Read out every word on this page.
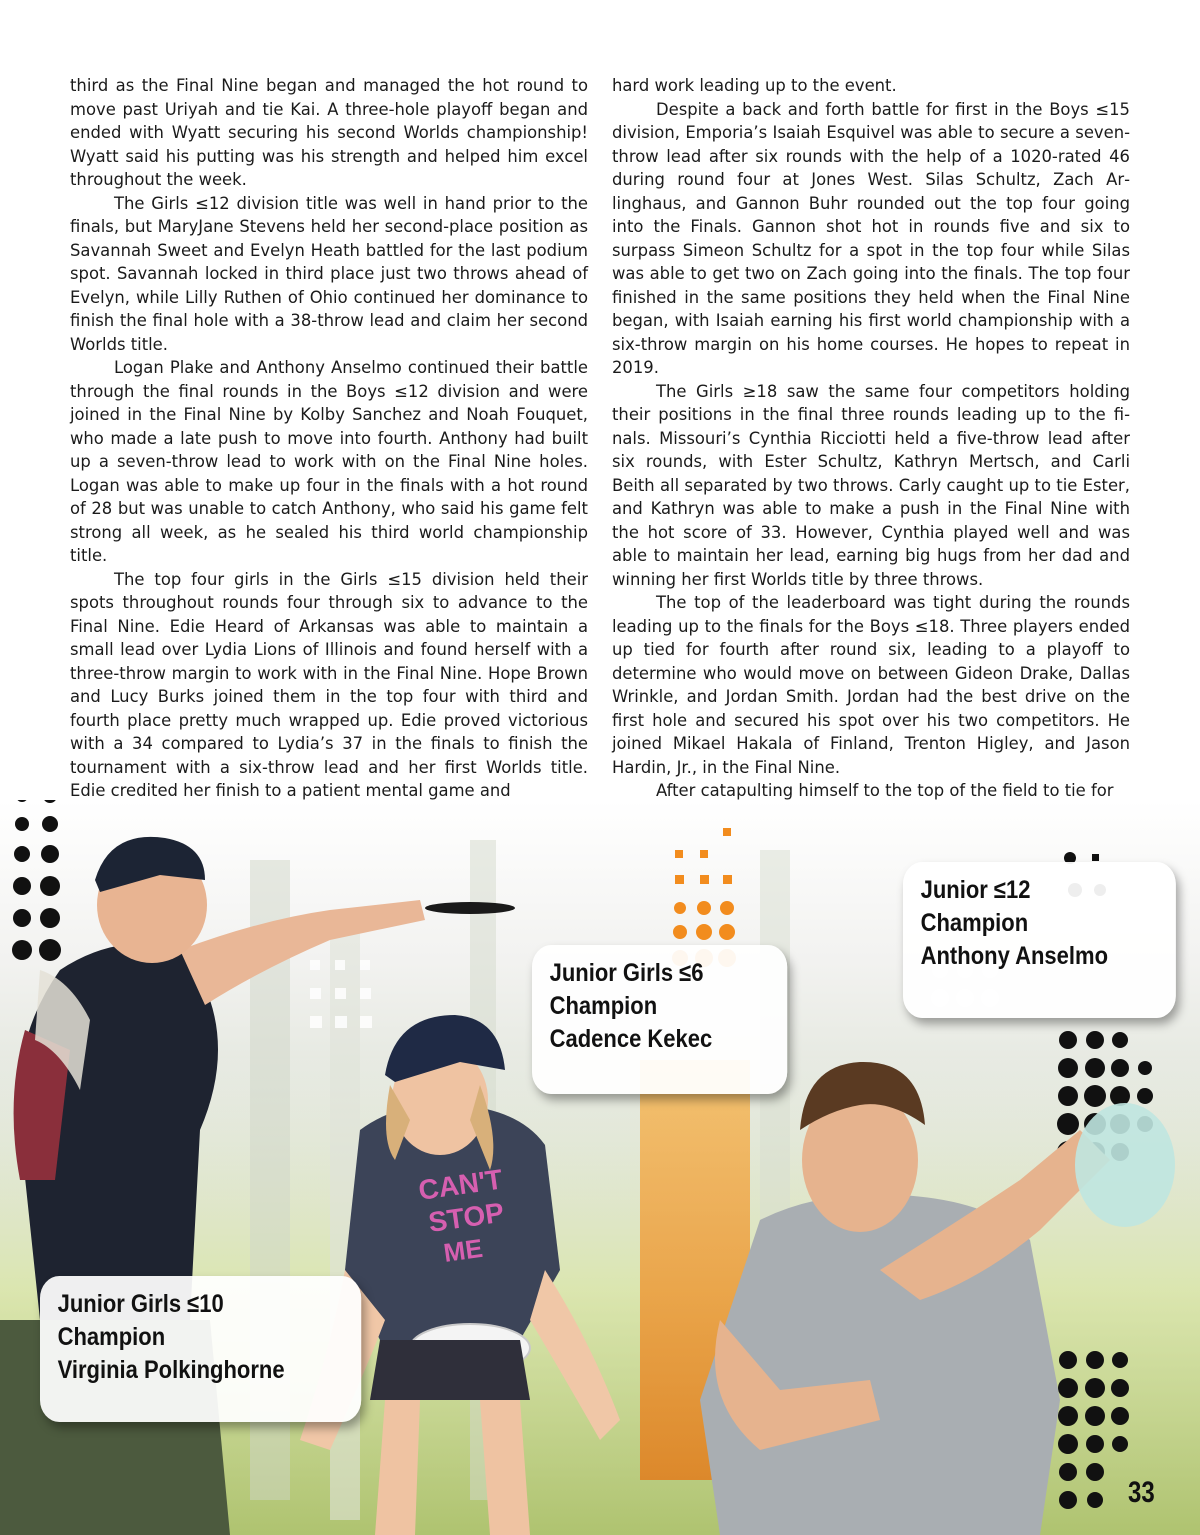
third as the Final Nine began and managed the hot round to move past Uriyah and tie Kai. A three-hole playoff began and ended with Wyatt securing his second Worlds championship! Wyatt said his putting was his strength and helped him excel throughout the week.

The Girls ≤12 division title was well in hand prior to the finals, but MaryJane Stevens held her second-place position as Savannah Sweet and Evelyn Heath battled for the last podium spot. Savannah locked in third place just two throws ahead of Evelyn, while Lilly Ruthen of Ohio continued her dominance to finish the final hole with a 38-throw lead and claim her second Worlds title.

Logan Plake and Anthony Anselmo continued their battle through the final rounds in the Boys ≤12 division and were joined in the Final Nine by Kolby Sanchez and Noah Fouquet, who made a late push to move into fourth. Anthony had built up a seven-throw lead to work with on the Final Nine holes. Logan was able to make up four in the finals with a hot round of 28 but was unable to catch Anthony, who said his game felt strong all week, as he sealed his third world championship title.

The top four girls in the Girls ≤15 division held their spots throughout rounds four through six to advance to the Final Nine. Edie Heard of Arkansas was able to maintain a small lead over Lydia Lions of Illinois and found herself with a three-throw margin to work with in the Final Nine. Hope Brown and Lucy Burks joined them in the top four with third and fourth place pretty much wrapped up. Edie proved victorious with a 34 compared to Lydia’s 37 in the finals to finish the tournament with a six-throw lead and her first Worlds title. Edie credited her finish to a patient mental game and

hard work leading up to the event.

Despite a back and forth battle for first in the Boys ≤15 division, Emporia’s Isaiah Esquivel was able to secure a seven-throw lead after six rounds with the help of a 1020-rated 46 during round four at Jones West. Silas Schultz, Zach Arlinghaus, and Gannon Buhr rounded out the top four going into the Finals. Gannon shot hot in rounds five and six to surpass Simeon Schultz for a spot in the top four while Silas was able to get two on Zach going into the finals. The top four finished in the same positions they held when the Final Nine began, with Isaiah earning his first world championship with a six-throw margin on his home courses. He hopes to repeat in 2019.

The Girls ≥18 saw the same four competitors holding their positions in the final three rounds leading up to the finals. Missouri’s Cynthia Ricciotti held a five-throw lead after six rounds, with Ester Schultz, Kathryn Mertsch, and Carli Beith all separated by two throws. Carly caught up to tie Ester, and Kathryn was able to make a push in the Final Nine with the hot score of 33. However, Cynthia played well and was able to maintain her lead, earning big hugs from her dad and winning her first Worlds title by three throws.

The top of the leaderboard was tight during the rounds leading up to the finals for the Boys ≤18. Three players ended up tied for fourth after round six, leading to a playoff to determine who would move on between Gideon Drake, Dallas Wrinkle, and Jordan Smith. Jordan had the best drive on the first hole and secured his spot over his two competitors. He joined Mikael Hakala of Finland, Trenton Higley, and Jason Hardin, Jr., in the Final Nine.

After catapulting himself to the top of the field to tie for

CAN'T
STOP
ME
Junior Girls ≤6
Champion
Cadence Kekec
Junior ≤12
Champion
Anthony Anselmo
Junior Girls ≤10
Champion
Virginia Polkinghorne
33
